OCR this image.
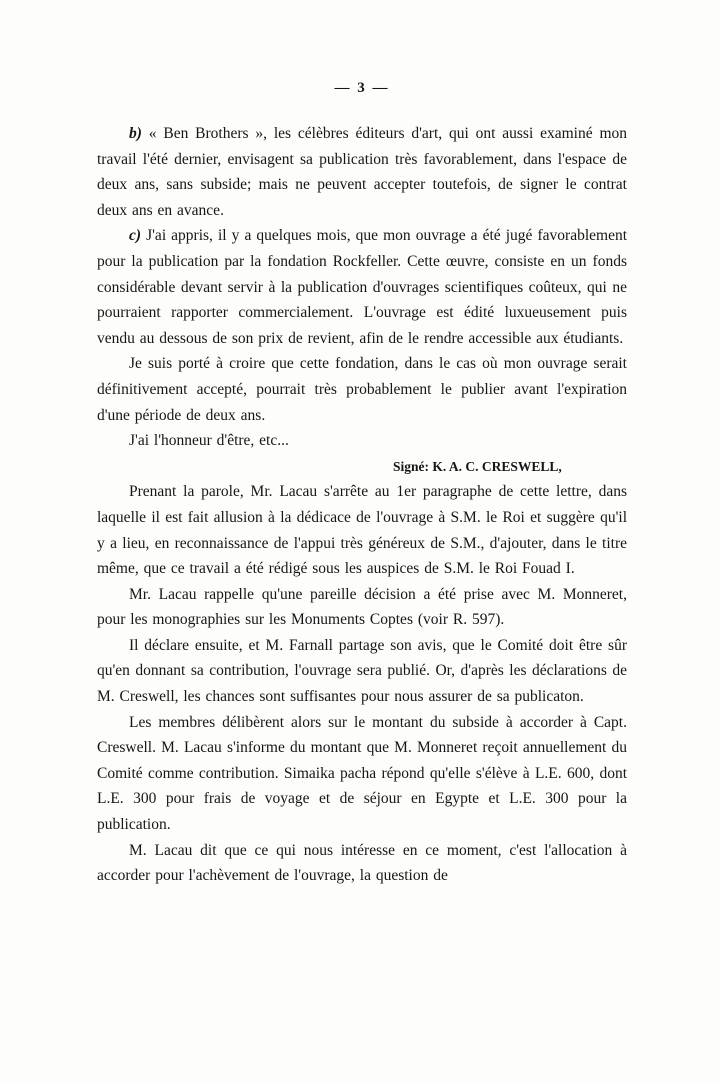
— 3 —

b) « Ben Brothers », les célèbres éditeurs d'art, qui ont aussi examiné mon travail l'été dernier, envisagent sa publication très favorablement, dans l'espace de deux ans, sans subside; mais ne peuvent accepter toutefois, de signer le contrat deux ans en avance.

c) J'ai appris, il y a quelques mois, que mon ouvrage a été jugé favorablement pour la publication par la fondation Rockfeller. Cette œuvre, consiste en un fonds considérable devant servir à la publication d'ouvrages scientifiques coûteux, qui ne pourraient rapporter commercialement. L'ouvrage est édité luxueusement puis vendu au dessous de son prix de revient, afin de le rendre accessible aux étudiants.

Je suis porté à croire que cette fondation, dans le cas où mon ouvrage serait définitivement accepté, pourrait très probablement le publier avant l'expiration d'une période de deux ans.

J'ai l'honneur d'être, etc...

Signé: K. A. C. CRESWELL,

Prenant la parole, Mr. Lacau s'arrête au 1er paragraphe de cette lettre, dans laquelle il est fait allusion à la dédicace de l'ouvrage à S.M. le Roi et suggère qu'il y a lieu, en reconnaissance de l'appui très généreux de S.M., d'ajouter, dans le titre même, que ce travail a été rédigé sous les auspices de S.M. le Roi Fouad I.

Mr. Lacau rappelle qu'une pareille décision a été prise avec M. Monneret, pour les monographies sur les Monuments Coptes (voir R. 597).

Il déclare ensuite, et M. Farnall partage son avis, que le Comité doit être sûr qu'en donnant sa contribution, l'ouvrage sera publié. Or, d'après les déclarations de M. Creswell, les chances sont suffisantes pour nous assurer de sa publicaton.

Les membres délibèrent alors sur le montant du subside à accorder à Capt. Creswell. M. Lacau s'informe du montant que M. Monneret reçoit annuellement du Comité comme contribution. Simaika pacha répond qu'elle s'élève à L.E. 600, dont L.E. 300 pour frais de voyage et de séjour en Egypte et L.E. 300 pour la publication.

M. Lacau dit que ce qui nous intéresse en ce moment, c'est l'allocation à accorder pour l'achèvement de l'ouvrage, la question de
